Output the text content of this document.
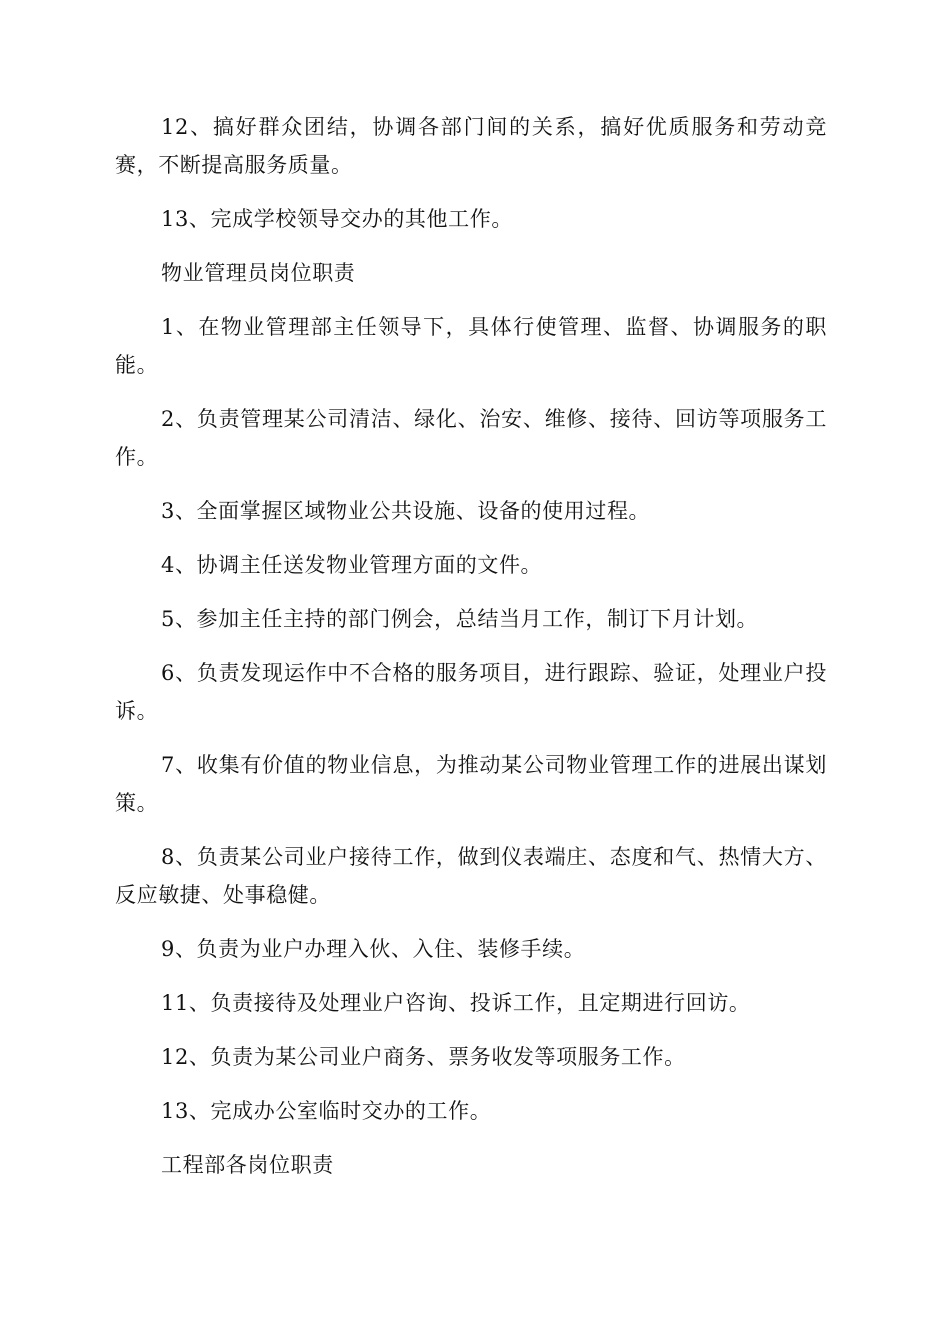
12、搞好群众团结，协调各部门间的关系，搞好优质服务和劳动竞赛，不断提高服务质量。

13、完成学校领导交办的其他工作。

物业管理员岗位职责

1、在物业管理部主任领导下，具体行使管理、监督、协调服务的职能。

2、负责管理某公司清洁、绿化、治安、维修、接待、回访等项服务工作。

3、全面掌握区域物业公共设施、设备的使用过程。

4、协调主任送发物业管理方面的文件。

5、参加主任主持的部门例会，总结当月工作，制订下月计划。

6、负责发现运作中不合格的服务项目，进行跟踪、验证，处理业户投诉。

7、收集有价值的物业信息，为推动某公司物业管理工作的进展出谋划策。

8、负责某公司业户接待工作，做到仪表端庄、态度和气、热情大方、反应敏捷、处事稳健。

9、负责为业户办理入伙、入住、装修手续。

11、负责接待及处理业户咨询、投诉工作，且定期进行回访。

12、负责为某公司业户商务、票务收发等项服务工作。

13、完成办公室临时交办的工作。

工程部各岗位职责
